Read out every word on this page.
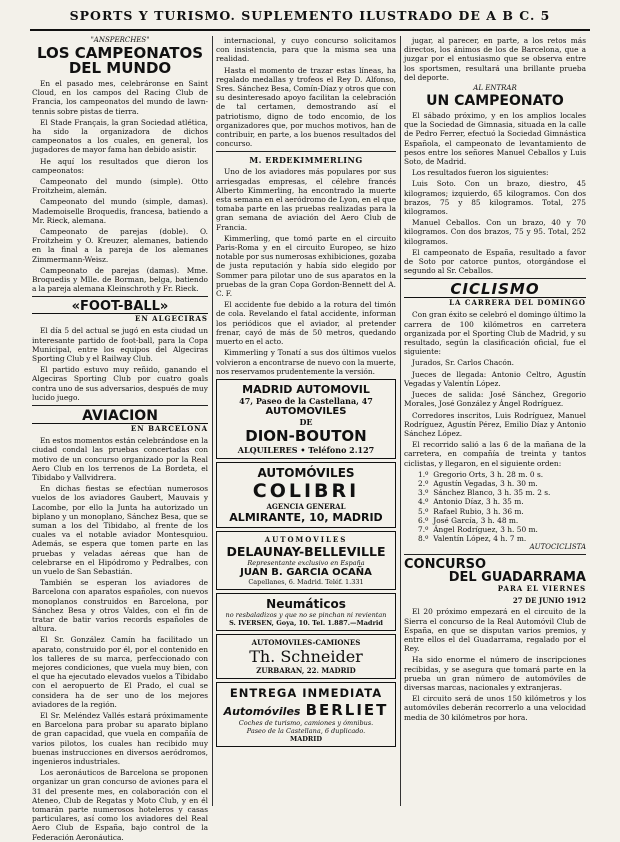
SPORTS Y TURISMO. SUPLEMENTO ILUSTRADO DE A B C. 5
"ANSPERCHES"
LOS CAMPEONATOS
DEL MUNDO

En el pasado mes, celebráronse en Saint Cloud, en los campos del Racing Club de Francia, los campeonatos del mundo de lawn-tennis sobre pistas de tierra.

El Stade Français, la gran Sociedad atlética, ha sido la organizadora de dichos campeonatos a los cuales, en general, los jugadores de mayor fama han debido asistir.

He aquí los resultados que dieron los campeonatos:

Campeonato del mundo (simple). Otto Froitzheim, alemán.

Campeonato del mundo (simple, damas). Mademoiselle Broquedis, francesa, batiendo a Mr. Rieck, alemana.

Campeonato de parejas (doble). O. Froitzheim y O. Kreuzer, alemanes, batiendo en la final a la pareja de los alemanes Zimmermann-Weisz.

Campeonato de parejas (damas). Mme. Broquedis y Mlle. de Borman, belga, batiendo a la pareja alemana Kleinschroth y Fr. Rieck.

«FOOT-BALL»
EN ALGECIRAS

El día 5 del actual se jugó en esta ciudad un interesante partido de foot-ball, para la Copa Municipal, entre los equipos del Algeciras Sporting Club y el Railway Club.

El partido estuvo muy reñido, ganando el Algeciras Sporting Club por cuatro goals contra uno de sus adversarios, después de muy lucido juego.

AVIACION
EN BARCELONA

En estos momentos están celebrándose en la ciudad condal las pruebas concertadas con motivo de un concurso organizado por la Real Aero Club en los terrenos de La Bordeta, el Tibidabo y Vallvidrera.

En dichas fiestas se efectúan numerosos vuelos de los aviadores Gaubert, Mauvais y Lacombe, por ello la Junta ha autorizado un biplano y un monoplano, Sánchez Besa, que se suman a los del Tibidabo, al frente de los cuales va el notable aviador Montesquiou. Además, se espera que tomen parte en las pruebas y veladas aéreas que han de celebrarse en el Hipódromo y Pedralbes, con un vuelo de San Sebastián.

También se esperan los aviadores de Barcelona con aparatos españoles, con nuevos monoplanos construidos en Barcelona, por Sánchez Besa y otros Valdes, con el fin de tratar de batir varios records españoles de altura.

El Sr. González Camín ha facilitado un aparato, construido por él, por el contenido en los talleres de su marca, perfeccionado con mejores condiciones, que vuela muy bien, con el que ha ejecutado elevados vuelos a Tibidabo con el aeropuerto de El Prado, el cual se considera ha de ser uno de los mejores aviadores de la región.

El Sr. Meléndez Vallés estará próximamente en Barcelona para probar su aparato biplano de gran capacidad, que vuela en compañía de varios pilotos, los cuales han recibido muy buenas instrucciones en diversos aeródromos, ingenieros industriales.

Los aeronáuticos de Barcelona se proponen organizar un gran concurso de aviones para el 31 del presente mes, en colaboración con el Ateneo, Club de Regatas y Moto Club, y en él tomarán parte numerosos hoteleros y casas particulares, así como los aviadores del Real Aero Club de España, bajo control de la Federación Aeronáutica.

internacional, y cuyo concurso solicitamos con insistencia, para que la misma sea una realidad.

Hasta el momento de trazar estas líneas, ha regalado medallas y trofeos el Rey D. Alfonso, Sres. Sánchez Besa, Comín-Díaz y otros que con su desinteresado apoyo facilitan la celebración de tal certamen, demostrando así el patriotismo, digno de todo encomio, de los organizadores que, por muchos motivos, han de contribuir, en parte, a los buenos resultados del concurso.

M. ERDEKIMMERLING

Uno de los aviadores más populares por sus arriesgadas empresas, el célebre francés Alberto Kimmerling, ha encontrado la muerte esta semana en el aeródromo de Lyon, en el que tomaba parte en las pruebas realizadas para la gran semana de aviación del Aero Club de Francia.

Kimmerling, que tomó parte en el circuito Paris-Roma y en el circuito Europeo, se hizo notable por sus numerosas exhibiciones, gozaba de justa reputación y había sido elegido por Sommer para pilotar uno de sus aparatos en la pruebas de la gran Copa Gordon-Bennett del A. C. F.

El accidente fue debido a la rotura del timón de cola. Revelando el fatal accidente, informan los periódicos que el aviador, al pretender frenar, cayó de más de 50 metros, quedando muerto en el acto.

Kimmerling y Tonatí a sus dos últimos vuelos volvieron a encontrarse de nuevo con la muerte, nos reservamos prudentemente la versión.

MADRID AUTOMOVIL
47, Paseo de la Castellana, 47
AUTOMOVILES
DE
DION-BOUTON
ALQUILERES • Teléfono 2.127
AUTOMÓVILES
COLIBRI
AGENCIA GENERAL
ALMIRANTE, 10, MADRID
AUTOMOVILES
DELAUNAY-BELLEVILLE
Representante exclusivo en España
JUAN B. GARCIA OCAÑA
Capellanes, 6. Madrid. Teléf. 1.331
Neumáticos
no resbaladizos y que no se pinchan ni revientan
S. IVERSEN, Goya, 10. Tel. 1.887.—Madrid
AUTOMOVILES-CAMIONES
Th. Schneider
ZURBARAN, 22. MADRID
ENTREGA INMEDIATA
Automóviles BERLIET
Coches de turismo, camiones y ómnibus.
Paseo de la Castellana, 6 duplicado.
MADRID

jugar, al parecer, en parte, a los retos más directos, los ánimos de los de Barcelona, que a juzgar por el entusiasmo que se observa entre los sportsmen, resultará una brillante prueba del deporte.

AL ENTRAR
UN CAMPEONATO

El sábado próximo, y en los amplios locales que la Sociedad de Gimnasia, situada en la calle de Pedro Ferrer, efectuó la Sociedad Gimnástica Española, el campeonato de levantamiento de pesos entre los señores Manuel Ceballos y Luis Soto, de Madrid.

Los resultados fueron los siguientes:

Luis Soto. Con un brazo, diestro, 45 kilogramos; izquierdo, 65 kilogramos. Con dos brazos, 75 y 85 kilogramos. Total, 275 kilogramos.

Manuel Ceballos. Con un brazo, 40 y 70 kilogramos. Con dos brazos, 75 y 95. Total, 252 kilogramos.

El campeonato de España, resultado a favor de Soto por catorce puntos, otorgándose el segundo al Sr. Ceballos.

CICLISMO
LA CARRERA DEL DOMINGO

Con gran éxito se celebró el domingo último la carrera de 100 kilómetros en carretera organizada por el Sporting Club de Madrid, y su resultado, según la clasificación oficial, fue el siguiente:

Jurados, Sr. Carlos Chacón.

Jueces de llegada: Antonio Celtro, Agustín Vegadas y Valentín López.

Jueces de salida: José Sánchez, Gregorio Morales, José González y Ángel Rodríguez.

Corredores inscritos, Luis Rodríguez, Manuel Rodríguez, Agustín Pérez, Emilio Díaz y Antonio Sánchez López.

El recorrido salió a las 6 de la mañana de la carretera, en compañía de treinta y tantos ciclistas, y llegaron, en el siguiente orden:

1.º  Gregorio Orts, 3 h. 28 m. 0 s.
2.º  Agustín Vegadas, 3 h. 30 m.
3.º  Sánchez Blanco, 3 h. 35 m. 2 s.
4.º  Antonio Díaz, 3 h. 35 m.
5.º  Rafael Rubio, 3 h. 36 m.
6.º  José García, 3 h. 48 m.
7.º  Ángel Rodríguez, 3 h. 50 m.
8.º  Valentín López, 4 h. 7 m.
AUTOCICLISTA
CONCURSO
DEL GUADARRAMA
PARA EL VIERNES
27 DE JUNIO 1912

El 20 próximo empezará en el circuito de la Sierra el concurso de la Real Automóvil Club de España, en que se disputan varios premios, y entre ellos el del Guadarrama, regalado por el Rey.

Ha sido enorme el número de inscripciones recibidas, y se asegura que tomará parte en la prueba un gran número de automóviles de diversas marcas, nacionales y extranjeras.

El circuito será de unos 150 kilómetros y los automóviles deberán recorrerlo a una velocidad media de 30 kilómetros por hora.
